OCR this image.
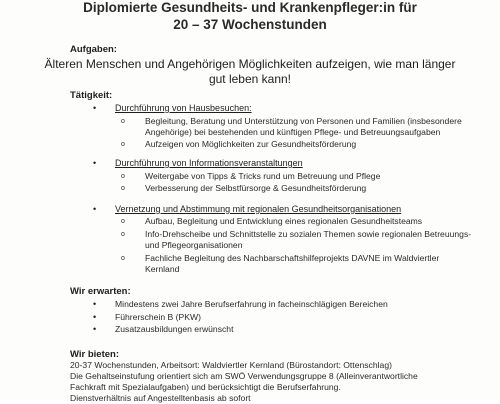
Diplomierte Gesundheits- und Krankenpfleger:in für
20 – 37 Wochenstunden
Aufgaben:
Älteren Menschen und Angehörigen Möglichkeiten aufzeigen, wie man länger
gut leben kann!
Tätigkeit:
• Durchführung von Hausbesuchen:
o Begleitung, Beratung und Unterstützung von Personen und Familien (insbesondere
Angehörige) bei bestehenden und künftigen Pflege- und Betreuungsaufgaben
o Aufzeigen von Möglichkeiten zur Gesundheitsförderung
• Durchführung von Informationsveranstaltungen
o Weitergabe von Tipps & Tricks rund um Betreuung und Pflege
o Verbesserung der Selbstfürsorge & Gesundheitsförderung
• Vernetzung und Abstimmung mit regionalen Gesundheitsorganisationen
o Aufbau, Begleitung und Entwicklung eines regionalen Gesundheitsteams
o Info-Drehscheibe und Schnittstelle zu sozialen Themen sowie regionalen Betreuungs-
und Pflegeorganisationen
o Fachliche Begleitung des Nachbarschaftshilfeprojekts DAVNE im Waldviertler
Kernland
Wir erwarten:
• Mindestens zwei Jahre Berufserfahrung in facheinschlägigen Bereichen
• Führerschein B (PKW)
• Zusatzausbildungen erwünscht
Wir bieten:
20-37 Wochenstunden, Arbeitsort: Waldviertler Kernland (Bürostandort: Ottenschlag)
Die Gehaltseinstufung orientiert sich am SWÖ Verwendungsgruppe 8 (Alleinverantwortliche
Fachkraft mit Spezialaufgaben) und berücksichtigt die Berufserfahrung.
Dienstverhältnis auf Angestelltenbasis ab sofort
